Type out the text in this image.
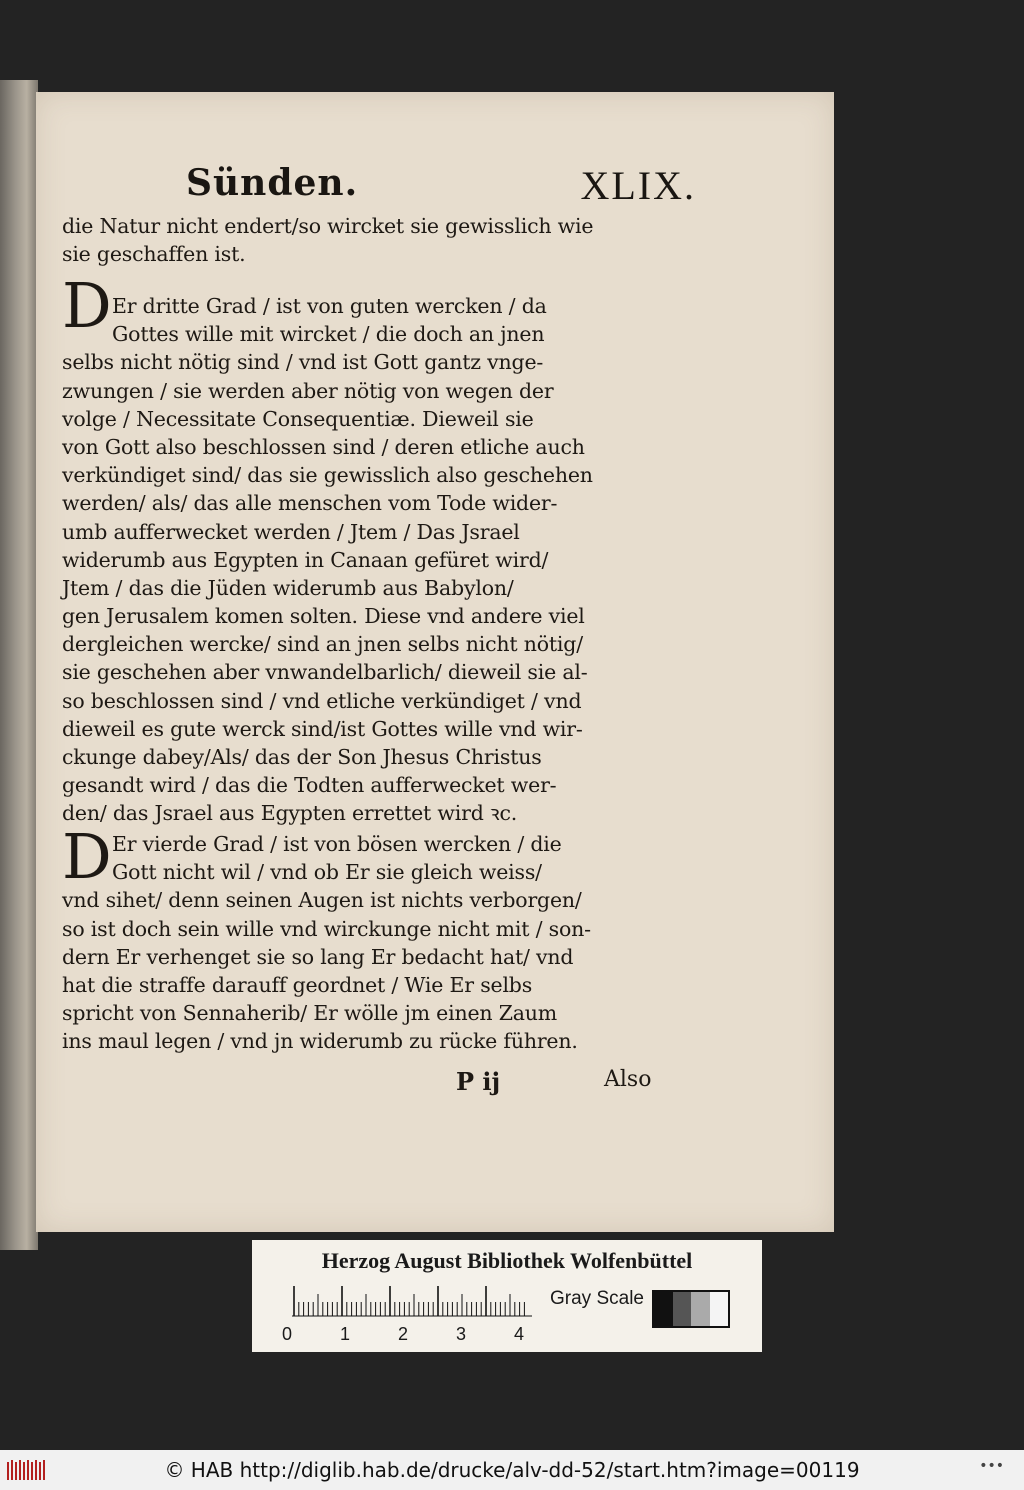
Sünden.	XLIX.
die Natur nicht endert/so wircket sie gewisslich wie
sie geschaffen ist.
D Er dritte Grad / ist von guten wercken / da
Gottes wille mit wircket / die doch an jnen
selbs nicht nötig sind / vnd ist Gott gantz vnge-
zwungen / sie werden aber nötig von wegen der
volge / Necessitate Consequentiæ. Dieweil sie
von Gott also beschlossen sind / deren etliche auch
verkündiget sind/ das sie gewisslich also geschehen
werden/ als/ das alle menschen vom Tode wider-
umb aufferwecket werden / Jtem / Das Jsrael
widerumb aus Egypten in Canaan gefüret wird/
Jtem / das die Jüden widerumb aus Babylon/
gen Jerusalem komen solten. Diese vnd andere viel
dergleichen wercke/ sind an jnen selbs nicht nötig/
sie geschehen aber vnwandelbarlich/ dieweil sie al-
so beschlossen sind / vnd etliche verkündiget / vnd
dieweil es gute werck sind/ist Gottes wille vnd wir-
ckunge dabey/Als/ das der Son Jhesus Christus
gesandt wird / das die Todten aufferwecket wer-
den/ das Jsrael aus Egypten errettet wird ꝛc.
D Er vierde Grad / ist von bösen wercken / die
Gott nicht wil / vnd ob Er sie gleich weiss/
vnd sihet/ denn seinen Augen ist nichts verborgen/
so ist doch sein wille vnd wirckunge nicht mit / son-
dern Er verhenget sie so lang Er bedacht hat/ vnd
hat die straffe darauff geordnet / Wie Er selbs
spricht von Sennaherib/ Er wölle jm einen Zaum
ins maul legen / vnd jn widerumb zu rücke führen.
P ij	Also
Herzog August Bibliothek Wolfenbüttel
0	1	2	3	4
Gray Scale
© HAB http://diglib.hab.de/drucke/alv-dd-52/start.htm?image=00119	•••
